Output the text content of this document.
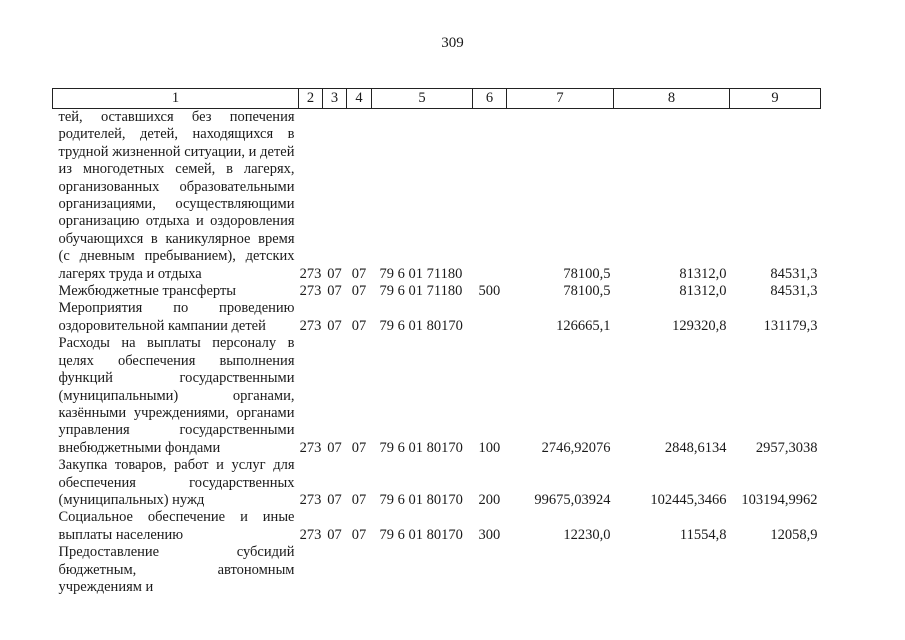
309
1	2	3	4	5	6	7	8	9
тей, оставшихся без попечения родителей, детей, находящихся в трудной жизненной ситуации, и детей из многодетных семей, в лагерях, организованных образовательными организациями, осуществляющими организацию отдыха и оздоровления обучающихся в каникулярное время (с дневным пребыванием), детских лагерях труда и отдыха	273	07	07	79 6 01 71180		78100,5	81312,0	84531,3
Межбюджетные трансферты	273	07	07	79 6 01 71180	500	78100,5	81312,0	84531,3
Мероприятия по проведению оздоровительной кампании детей	273	07	07	79 6 01 80170		126665,1	129320,8	131179,3
Расходы на выплаты персоналу в целях обеспечения выполнения функций государственными (муниципальными) органами, казёнными учреждениями, органами управления государственными внебюджетными фондами	273	07	07	79 6 01 80170	100	2746,92076	2848,6134	2957,3038
Закупка товаров, работ и услуг для обеспечения государственных (муниципальных) нужд	273	07	07	79 6 01 80170	200	99675,03924	102445,3466	103194,9962
Социальное обеспечение и иные выплаты населению	273	07	07	79 6 01 80170	300	12230,0	11554,8	12058,9
Предоставление субсидий бюджетным, автономным учреждениям и								
